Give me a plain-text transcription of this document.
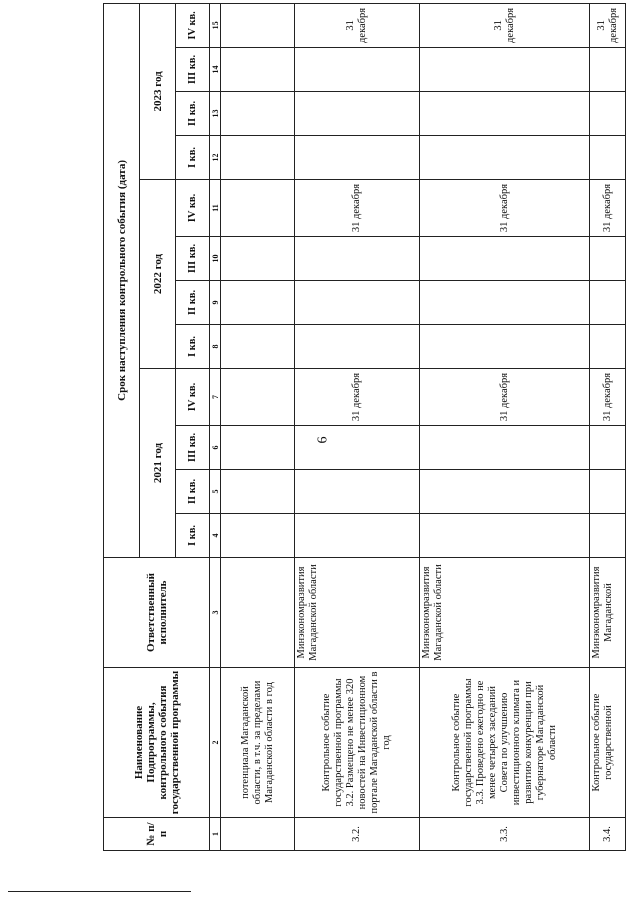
6
№ п/п	Наименование Подпрограммы, контрольного события государственной программы	Ответственный исполнитель	Срок наступления контрольного события (дата)											
			2021 год				2022 год				2023 год			
			I кв.	II кв.	III кв.	IV кв.	I кв.	II кв.	III кв.	IV кв.	I кв.	II кв.	III кв.	IV кв.
1	2	3	4	5	6	7	8	9	10	11	12	13	14	15
	потенциала Магаданской области, в т.ч. за пределами Магаданской области в год													
3.2.	Контрольное событие государственной программы 3.2. Размещено не менее 320 новостей на Инвестиционном портале Магаданской области в год	Минэкономразвития Магаданской области				31 декабря				31 декабря				31 декабря
3.3.	Контрольное событие государственной программы 3.3. Проведено ежегодно не менее четырех заседаний Совета по улучшению инвестиционного климата и развитию конкуренции при губернаторе Магаданской области	Минэкономразвития Магаданской области				31 декабря				31 декабря				31 декабря
3.4.	Контрольное событие государственной	Минэкономразвития Магаданской				31 декабря				31 декабря				31 декабря
